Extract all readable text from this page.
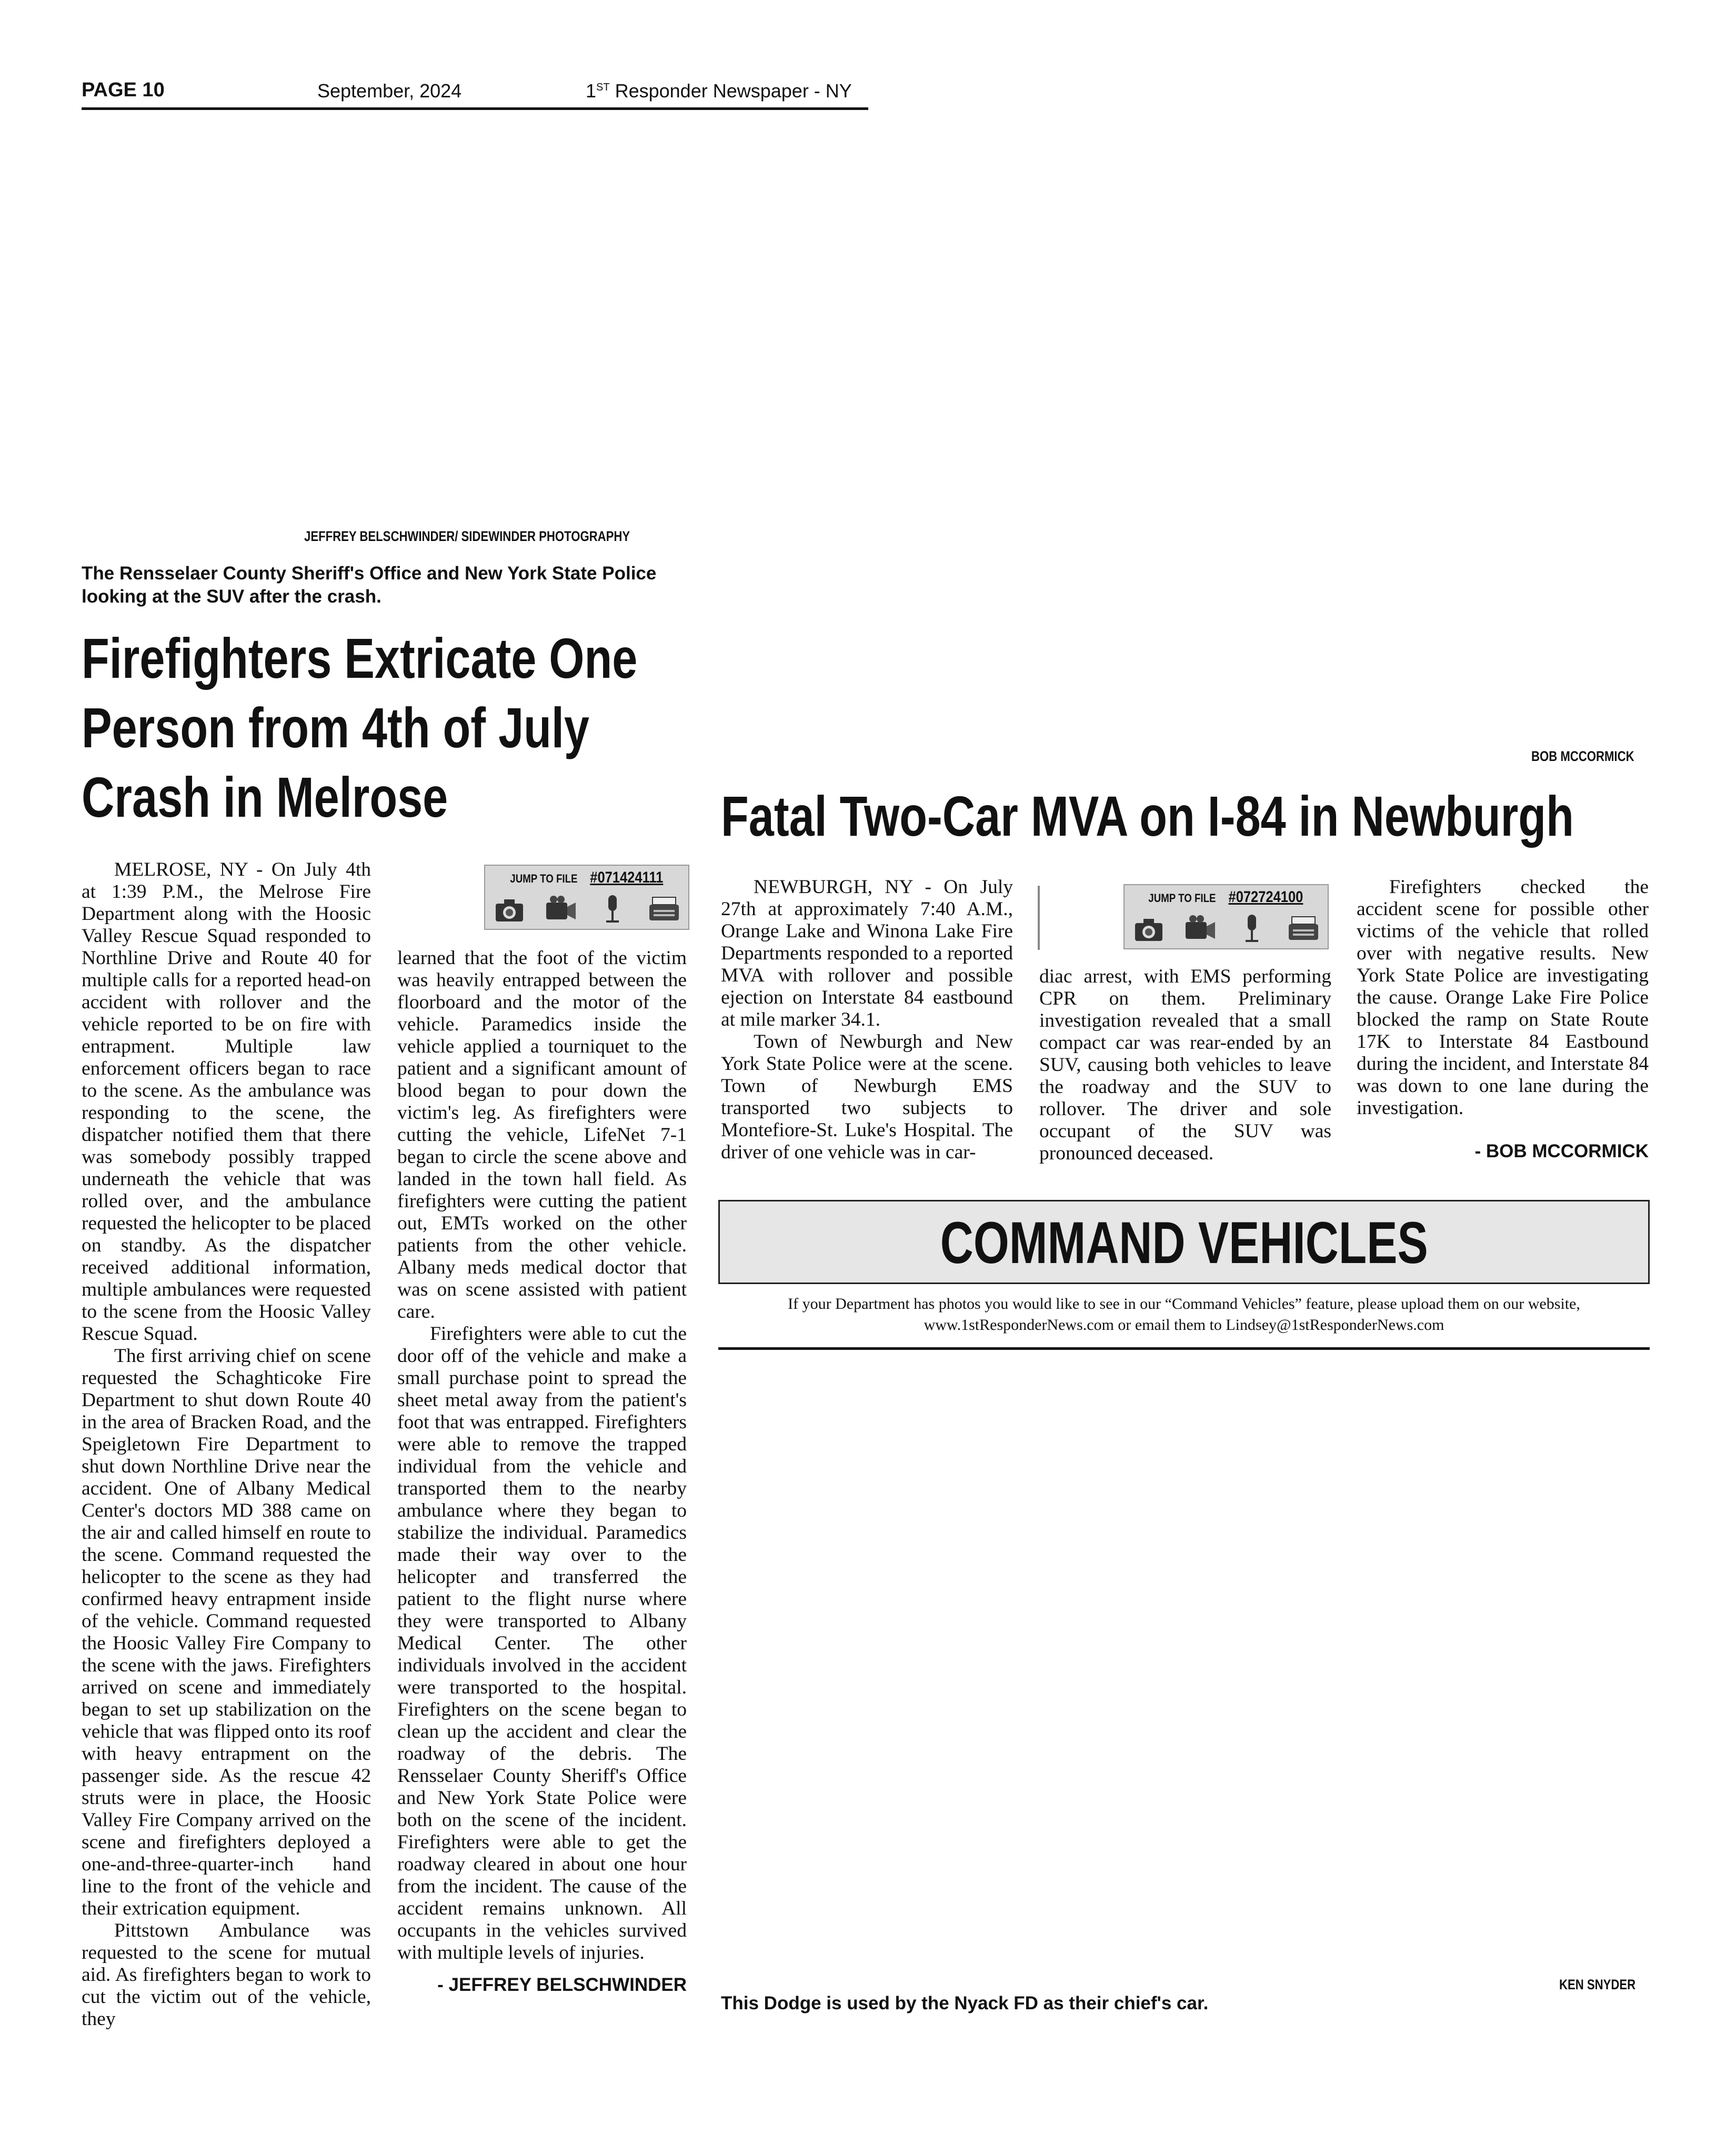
PAGE 10	September, 2024	1ST Responder Newspaper - NY
JEFFREY BELSCHWINDER/ SIDEWINDER PHOTOGRAPHY
The Rensselaer County Sheriff's Office and New York State Police looking at the SUV after the crash.
Firefighters Extricate One
Person from 4th of July
Crash in Melrose
JUMP TO FILE#071424111

MELROSE, NY - On July 4th at 1:39 P.M., the Melrose Fire Department along with the Hoosic Valley Rescue Squad responded to Northline Drive and Route 40 for multiple calls for a reported head-on accident with rollover and the vehicle reported to be on fire with entrapment. Multiple law enforcement officers began to race to the scene. As the ambulance was responding to the scene, the dispatcher notified them that there was somebody possibly trapped underneath the vehicle that was rolled over, and the ambulance requested the helicopter to be placed on standby. As the dispatcher received additional information, multiple ambulances were requested to the scene from the Hoosic Valley Rescue Squad.

The first arriving chief on scene requested the Schaghticoke Fire Department to shut down Route 40 in the area of Bracken Road, and the Speigletown Fire Department to shut down Northline Drive near the accident. One of Albany Medical Center's doctors MD 388 came on the air and called himself en route to the scene. Command requested the helicopter to the scene as they had confirmed heavy entrapment inside of the vehicle. Command requested the Hoosic Valley Fire Company to the scene with the jaws. Firefighters arrived on scene and immediately began to set up stabilization on the vehicle that was flipped onto its roof with heavy entrapment on the passenger side. As the rescue 42 struts were in place, the Hoosic Valley Fire Company arrived on the scene and firefighters deployed a one-and-three-quarter-inch hand line to the front of the vehicle and their extrication equipment.

Pittstown Ambulance was requested to the scene for mutual aid. As firefighters began to work to cut the victim out of the vehicle, they

learned that the foot of the victim was heavily entrapped between the floorboard and the motor of the vehicle. Paramedics inside the vehicle applied a tourniquet to the patient and a significant amount of blood began to pour down the victim's leg. As firefighters were cutting the vehicle, LifeNet 7-1 began to circle the scene above and landed in the town hall field. As firefighters were cutting the patient out, EMTs worked on the other patients from the other vehicle. Albany meds medical doctor that was on scene assisted with patient care.

Firefighters were able to cut the door off of the vehicle and make a small purchase point to spread the sheet metal away from the patient's foot that was entrapped. Firefighters were able to remove the trapped individual from the vehicle and transported them to the nearby ambulance where they began to stabilize the individual. Paramedics made their way over to the helicopter and transferred the patient to the flight nurse where they were transported to Albany Medical Center. The other individuals involved in the accident were transported to the hospital. Firefighters on the scene began to clean up the accident and clear the roadway of the debris. The Rensselaer County Sheriff's Office and New York State Police were both on the scene of the incident. Firefighters were able to get the roadway cleared in about one hour from the incident. The cause of the accident remains unknown. All occupants in the vehicles survived with multiple levels of injuries.

- JEFFREY BELSCHWINDER
BOB MCCORMICK
Fatal Two-Car MVA on I-84 in Newburgh
JUMP TO FILE#072724100

NEWBURGH, NY - On July 27th at approximately 7:40 A.M., Orange Lake and Winona Lake Fire Departments responded to a reported MVA with rollover and possible ejection on Interstate 84 eastbound at mile marker 34.1.

Town of Newburgh and New York State Police were at the scene. Town of Newburgh EMS transported two subjects to Montefiore-St. Luke's Hospital. The driver of one vehicle was in car-

diac arrest, with EMS performing CPR on them. Preliminary investigation revealed that a small compact car was rear-ended by an SUV, causing both vehicles to leave the roadway and the SUV to rollover. The driver and sole occupant of the SUV was pronounced deceased.

Firefighters checked the accident scene for possible other victims of the vehicle that rolled over with negative results. New York State Police are investigating the cause. Orange Lake Fire Police blocked the ramp on State Route 17K to Interstate 84 Eastbound during the incident, and Interstate 84 was down to one lane during the investigation.

- BOB MCCORMICK
COMMAND VEHICLES
If your Department has photos you would like to see in our “Command Vehicles” feature, please upload them on our website,
www.1stResponderNews.com or email them to Lindsey@1stResponderNews.com
KEN SNYDER
This Dodge is used by the Nyack FD as their chief's car.
